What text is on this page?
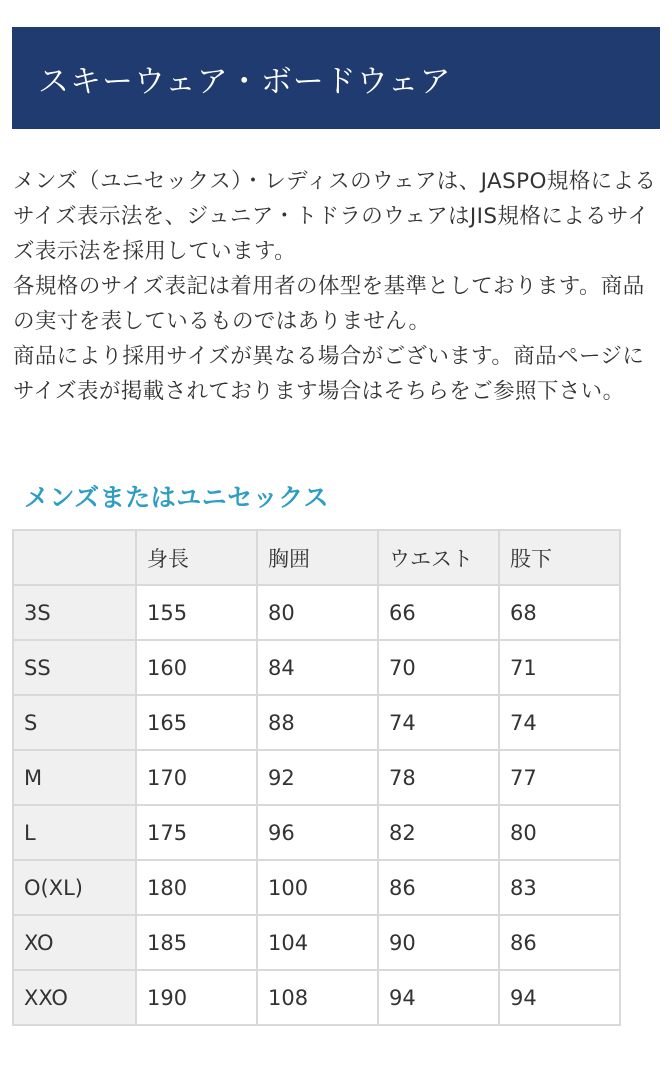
スキーウェア・ボードウェア

メンズ（ユニセックス）・レディスのウェアは、JASPO規格によるサイズ表示法を、ジュニア・トドラのウェアはJIS規格によるサイズ表示法を採用しています。

各規格のサイズ表記は着用者の体型を基準としております。商品の実寸を表しているものではありません。

商品により採用サイズが異なる場合がございます。商品ページにサイズ表が掲載されております場合はそちらをご参照下さい。

メンズまたはユニセックス
	身長	胸囲	ウエスト	股下
3S	155	80	66	68
SS	160	84	70	71
S	165	88	74	74
M	170	92	78	77
L	175	96	82	80
O(XL)	180	100	86	83
XO	185	104	90	86
XXO	190	108	94	94
